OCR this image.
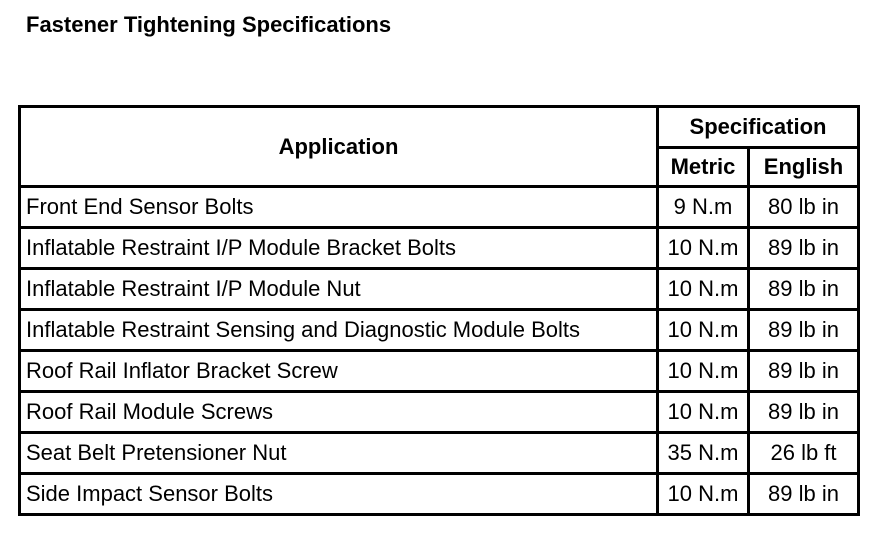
Fastener Tightening Specifications
Application	Specification	
	Metric	English
Front End Sensor Bolts	9 N.m	80 lb in
Inflatable Restraint I/P Module Bracket Bolts	10 N.m	89 lb in
Inflatable Restraint I/P Module Nut	10 N.m	89 lb in
Inflatable Restraint Sensing and Diagnostic Module Bolts	10 N.m	89 lb in
Roof Rail Inflator Bracket Screw	10 N.m	89 lb in
Roof Rail Module Screws	10 N.m	89 lb in
Seat Belt Pretensioner Nut	35 N.m	26 lb ft
Side Impact Sensor Bolts	10 N.m	89 lb in
